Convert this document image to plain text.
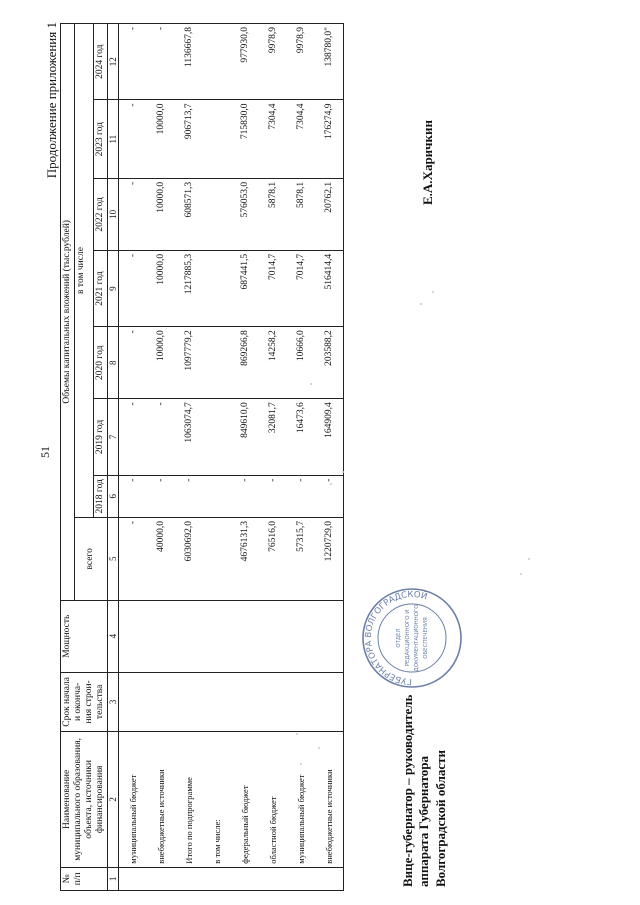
51
Продолжение приложения 1
№ п/п	Наименование муниципального образования, объекта, источники финансирования	Срок начала и оконча-ния строи-тельства	Мощность	Объемы капитальных вложений (тыс.рублей)							
				всего	в том числе						
					2018 год	2019 год	2020 год	2021 год	2022 год	2023 год	2024 год
1	2	3	4	5	6	7	8	9	10	11	12
	муниципальный бюджет			-	-	-	-	-	-	-	-
	внебюджетные источники			40000,0	-	-	10000,0	10000,0	10000,0	10000,0	-
	Итого по подпрограмме			6030692,0	-	1063074,7	1097779,2	1217885,3	608571,3	906713,7	1136667,8
	в том числе:										
	федеральный бюджет			4676131,3	-	849610,0	869266,8	687441,5	576053,0	715830,0	977930,0
	областной бюджет			76516,0	-	32081,7	14258,2	7014,7	5878,1	7304,4	9978,9
	муниципальный бюджет			57315,7	-	16473,6	10666,0	7014,7	5878,1	7304,4	9978,9
	внебюджетные источники			1220729,0	-	164909,4	203588,2	516414,4	20762,1	176274,9	138780,0"
ГУБЕРНАТОРА ВОЛГОГРАДСКОЙ
ОТДЕЛ РЕДАКЦИОННОГО И ДОКУМЕНТАЦИОННОГО ОБЕСПЕЧЕНИЯ
Вице-губернатор – руководитель аппарата Губернатора Волгоградской области
Е.А.Харичкин
